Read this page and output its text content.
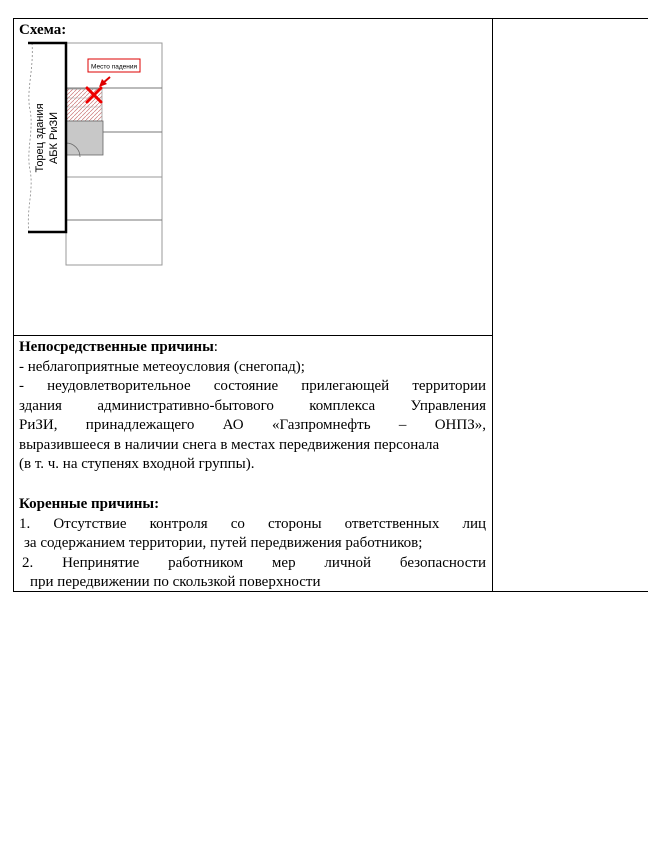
Схема:
Торец здания АБК РиЗИ
Место падения
Непосредственные причины:
- неблагоприятные метеоусловия (снегопад);
- неудовлетворительное состояние прилегающей территории
здания административно-бытового комплекса Управления
РиЗИ, принадлежащего АО «Газпромнефть – ОНПЗ»,
выразившееся в наличии снега в местах передвижения персонала
(в т. ч. на ступенях входной группы).
Коренные причины:
1. Отсутствие контроля со стороны ответственных лиц
за содержанием территории, путей передвижения работников;
2. Непринятие работником мер личной безопасности
при передвижении по скользкой поверхности
